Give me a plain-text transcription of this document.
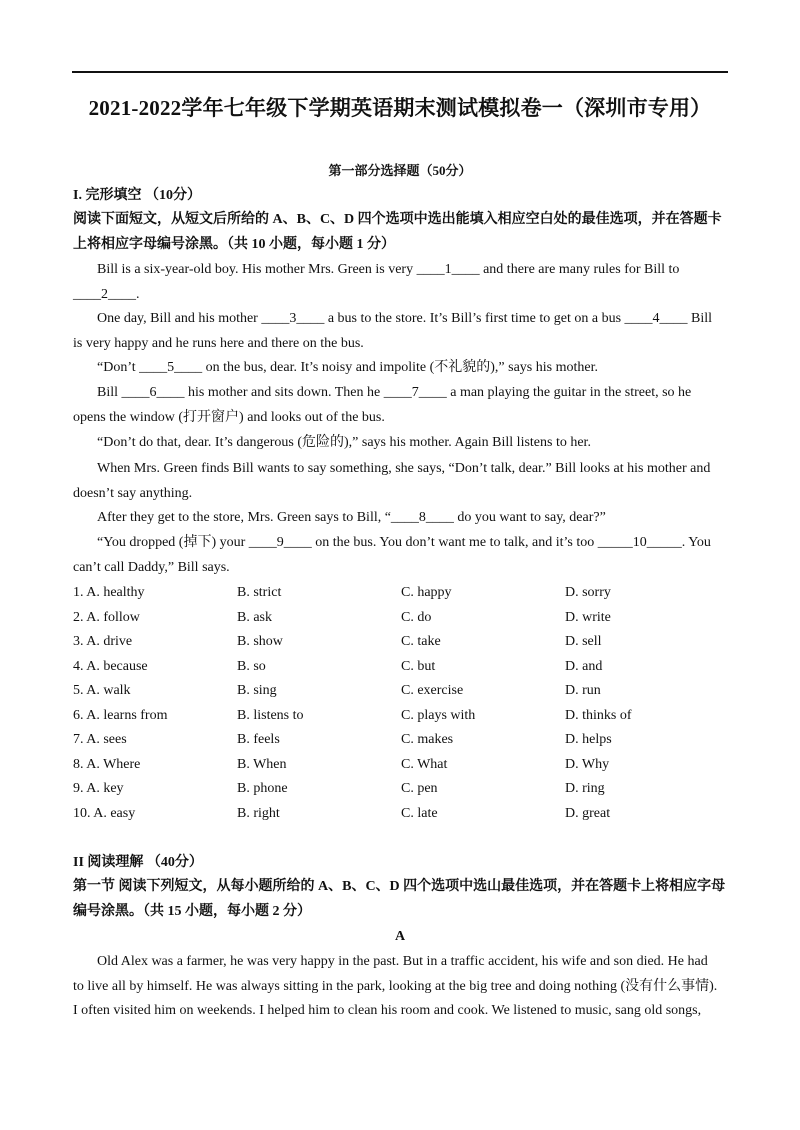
2021-2022学年七年级下学期英语期末测试模拟卷一（深圳市专用）
第一部分选择题（50分）
I. 完形填空 （10分）
阅读下面短文，从短文后所给的 A、B、C、D 四个选项中选出能填入相应空白处的最佳选项，并在答题卡上将相应字母编号涂黑。（共 10 小题，每小题 1 分）
Bill is a six-year-old boy. His mother Mrs. Green is very ____1____ and there are many rules for Bill to ____2____.
One day, Bill and his mother ____3____ a bus to the store. It’s Bill’s first time to get on a bus ____4____ Bill is very happy and he runs here and there on the bus.
“Don’t ____5____ on the bus, dear. It’s noisy and impolite (不礼貌的),” says his mother.
Bill ____6____ his mother and sits down. Then he ____7____ a man playing the guitar in the street, so he opens the window (打开窗户) and looks out of the bus.
“Don’t do that, dear. It’s dangerous (危险的),” says his mother. Again Bill listens to her.
When Mrs. Green finds Bill wants to say something, she says, “Don’t talk, dear.” Bill looks at his mother and doesn’t say anything.
After they get to the store, Mrs. Green says to Bill, “____8____ do you want to say, dear?”
“You dropped (掉下) your ____9____ on the bus. You don’t want me to talk, and it’s too _____10_____. You can’t call Daddy,” Bill says.
1. A. healthy	B. strict	C. happy	D. sorry
2. A. follow	B. ask	C. do	D. write
3. A. drive	B. show	C. take	D. sell
4. A. because	B. so	C. but	D. and
5. A. walk	B. sing	C. exercise	D. run
6. A. learns from	B. listens to	C. plays with	D. thinks of
7. A. sees	B. feels	C. makes	D. helps
8. A. Where	B. When	C. What	D. Why
9. A. key	B. phone	C. pen	D. ring
10. A. easy	B. right	C. late	D. great
II 阅读理解 （40分）
第一节 阅读下列短文，从每小题所给的 A、B、C、D 四个选项中选山最佳选项，并在答题卡上将相应字母编号涂黑。（共 15 小题，每小题 2 分）
A
Old Alex was a farmer, he was very happy in the past. But in a traffic accident, his wife and son died. He had to live all by himself. He was always sitting in the park, looking at the big tree and doing nothing (没有什么事情). I often visited him on weekends. I helped him to clean his room and cook. We listened to music, sang old songs,
